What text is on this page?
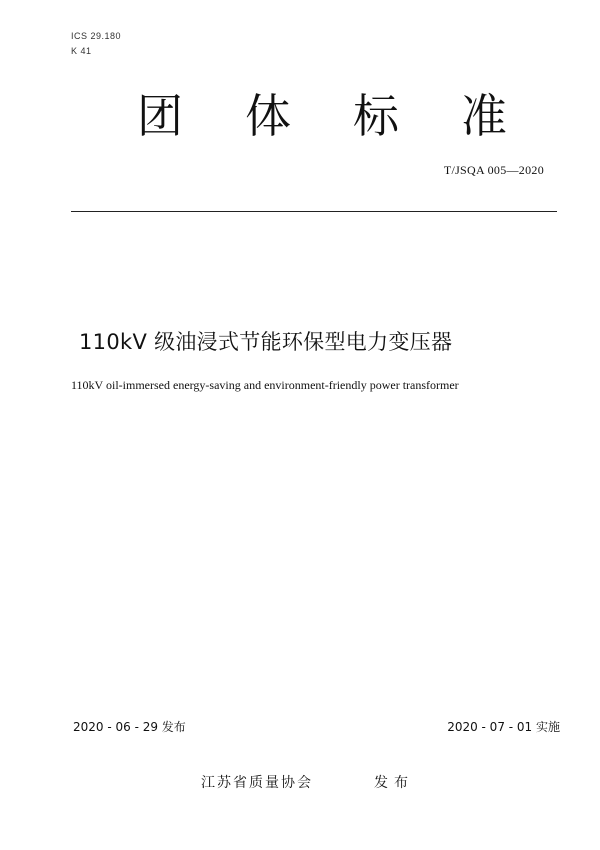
ICS 29.180
K 41
团 体 标 准
T/JSQA 005—2020
110kV 级油浸式节能环保型电力变压器
110kV oil-immersed energy-saving and environment-friendly power transformer
2020 - 06 - 29 发布	2020 - 07 - 01 实施
江苏省质量协会	发布
